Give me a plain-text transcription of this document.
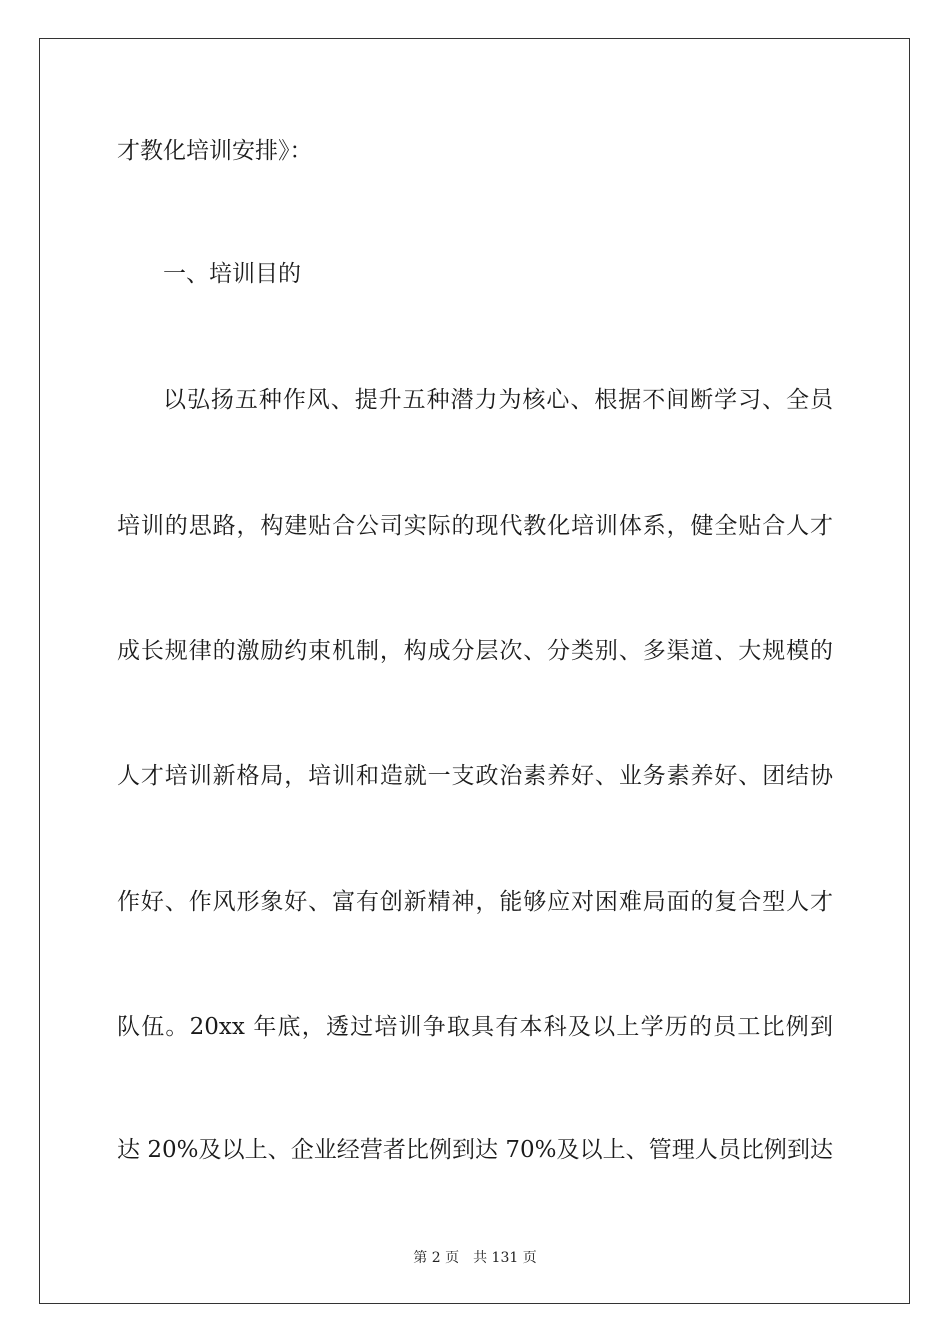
才教化培训安排》：
一、培训目的
以弘扬五种作风、提升五种潜力为核心、根据不间断学习、全员
培训的思路，构建贴合公司实际的现代教化培训体系，健全贴合人才
成长规律的激励约束机制，构成分层次、分类别、多渠道、大规模的
人才培训新格局，培训和造就一支政治素养好、业务素养好、团结协
作好、作风形象好、富有创新精神，能够应对困难局面的复合型人才
队伍。20xx 年底，透过培训争取具有本科及以上学历的员工比例到
达 20%及以上、企业经营者比例到达 70%及以上、管理人员比例到达
第 2 页 共 131 页
